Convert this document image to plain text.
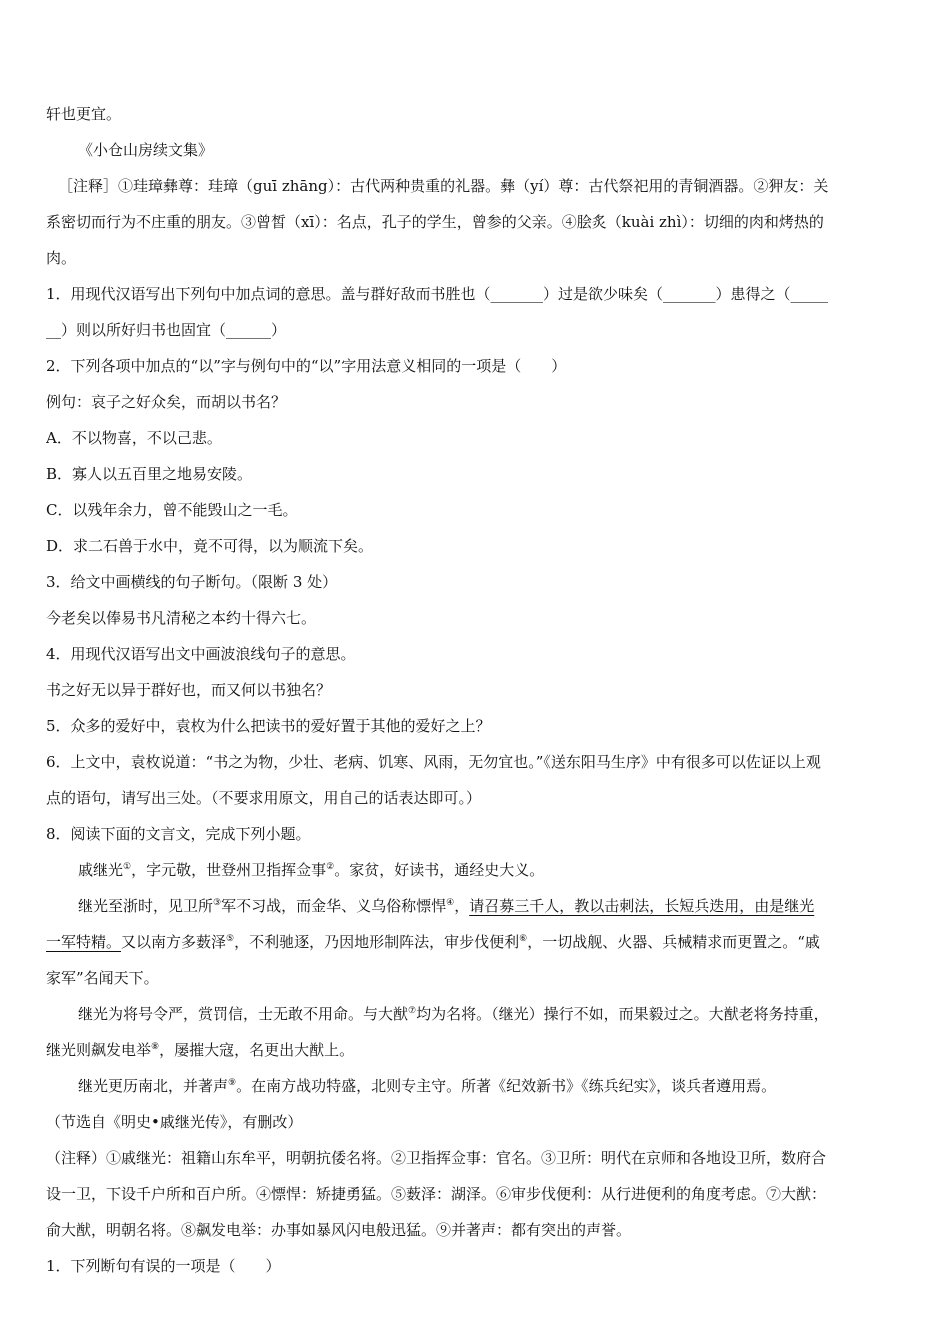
轩也更宜。

《小仓山房续文集》

［注释］①珪璋彝尊：珪璋（guī zhāng）：古代两种贵重的礼器。彝（yí）尊：古代祭祀用的青铜酒器。②狎友：关

系密切而行为不庄重的朋友。③曾皙（xī）：名点，孔子的学生，曾参的父亲。④脍炙（kuài zhì）：切细的肉和烤热的

肉。

1．用现代汉语写出下列句中加点词的意思。盖与群好敌而书胜也（_______）过是欲少味矣（_______）患得之（_____

__）则以所好归书也固宜（______）

2．下列各项中加点的“以”字与例句中的“以”字用法意义相同的一项是（　　）

例句：哀子之好众矣，而胡以书名？

A．不以物喜，不以己悲。

B．寡人以五百里之地易安陵。

C．以残年余力，曾不能毁山之一毛。

D．求二石兽于水中，竟不可得，以为顺流下矣。

3．给文中画横线的句子断句。（限断 3 处）

今老矣以俸易书凡清秘之本约十得六七。

4．用现代汉语写出文中画波浪线句子的意思。

书之好无以异于群好也，而又何以书独名？

5．众多的爱好中，袁枚为什么把读书的爱好置于其他的爱好之上？

6．上文中，袁枚说道：“书之为物，少壮、老病、饥寒、风雨，无勿宜也。”《送东阳马生序》中有很多可以佐证以上观

点的语句，请写出三处。（不要求用原文，用自己的话表达即可。）

8．阅读下面的文言文，完成下列小题。

戚继光①，字元敬，世登州卫指挥佥事②。家贫，好读书，通经史大义。

继光至浙时，见卫所③军不习战，而金华、义乌俗称慓悍④，请召募三千人，教以击刺法，长短兵迭用，由是继光

一军特精。又以南方多薮泽⑤，不利驰逐，乃因地形制阵法，审步伐便利⑥，一切战舰、火器、兵械精求而更置之。“戚

家军”名闻天下。

继光为将号令严，赏罚信，士无敢不用命。与大猷⑦均为名将。（继光）操行不如，而果毅过之。大猷老将务持重，

继光则飙发电举⑧，屡摧大寇，名更出大猷上。

继光更历南北，并著声⑨。在南方战功特盛，北则专主守。所著《纪效新书》《练兵纪实》，谈兵者遵用焉。

（节选自《明史•戚继光传》，有删改）

（注释）①戚继光：祖籍山东牟平，明朝抗倭名将。②卫指挥佥事：官名。③卫所：明代在京师和各地设卫所，数府合

设一卫，下设千户所和百户所。④慓悍：矫捷勇猛。⑤薮泽：湖泽。⑥审步伐便利：从行进便利的角度考虑。⑦大猷：

俞大猷，明朝名将。⑧飙发电举：办事如暴风闪电般迅猛。⑨并著声：都有突出的声誉。

1．下列断句有误的一项是（　　）
